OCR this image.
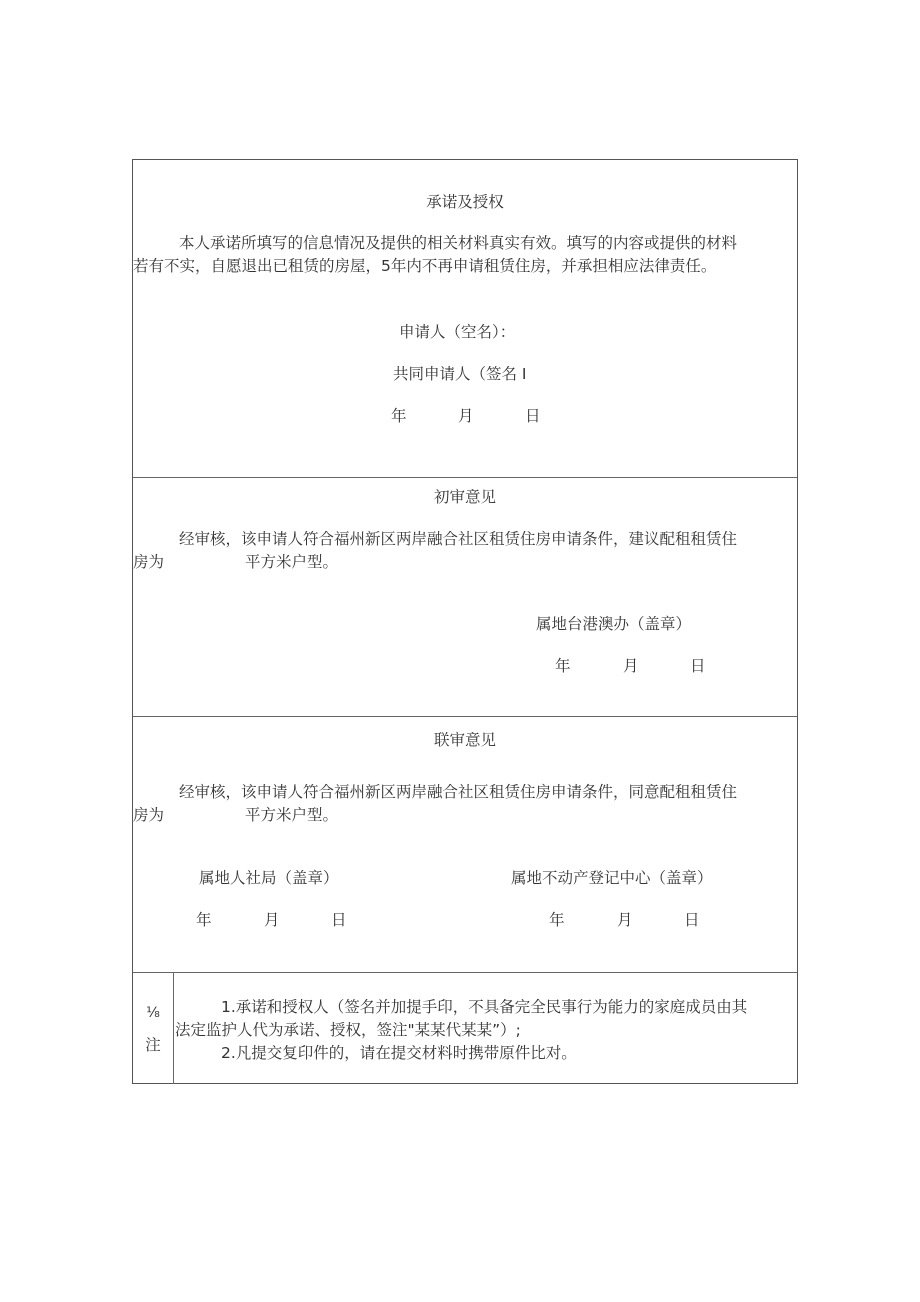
承诺及授权
本人承诺所填写的信息情况及提供的相关材料真实有效。填写的内容或提供的材料
若有不实，自愿退出已租赁的房屋，5年内不再申请租赁住房，并承担相应法律责任。
申请人（空名）：
共同申请人（签名 I
年	月	日
初审意见
经审核，该申请人符合福州新区两岸融合社区租赁住房申请条件，建议配租租赁住
房为	平方米户型。
属地台港澳办（盖章）
年	月	日
联审意见
经审核，该申请人符合福州新区两岸融合社区租赁住房申请条件，同意配租租赁住
房为	平方米户型。
属地人社局（盖章）	属地不动产登记中心（盖章）
年	月	日	年	月	日
⅛
注
1.承诺和授权人（签名并加提手印，不具备完全民事行为能力的家庭成员由其
法定监护人代为承诺、授权，签注"某某代某某”）;
2.凡提交复印件的，请在提交材料时携带原件比对。
